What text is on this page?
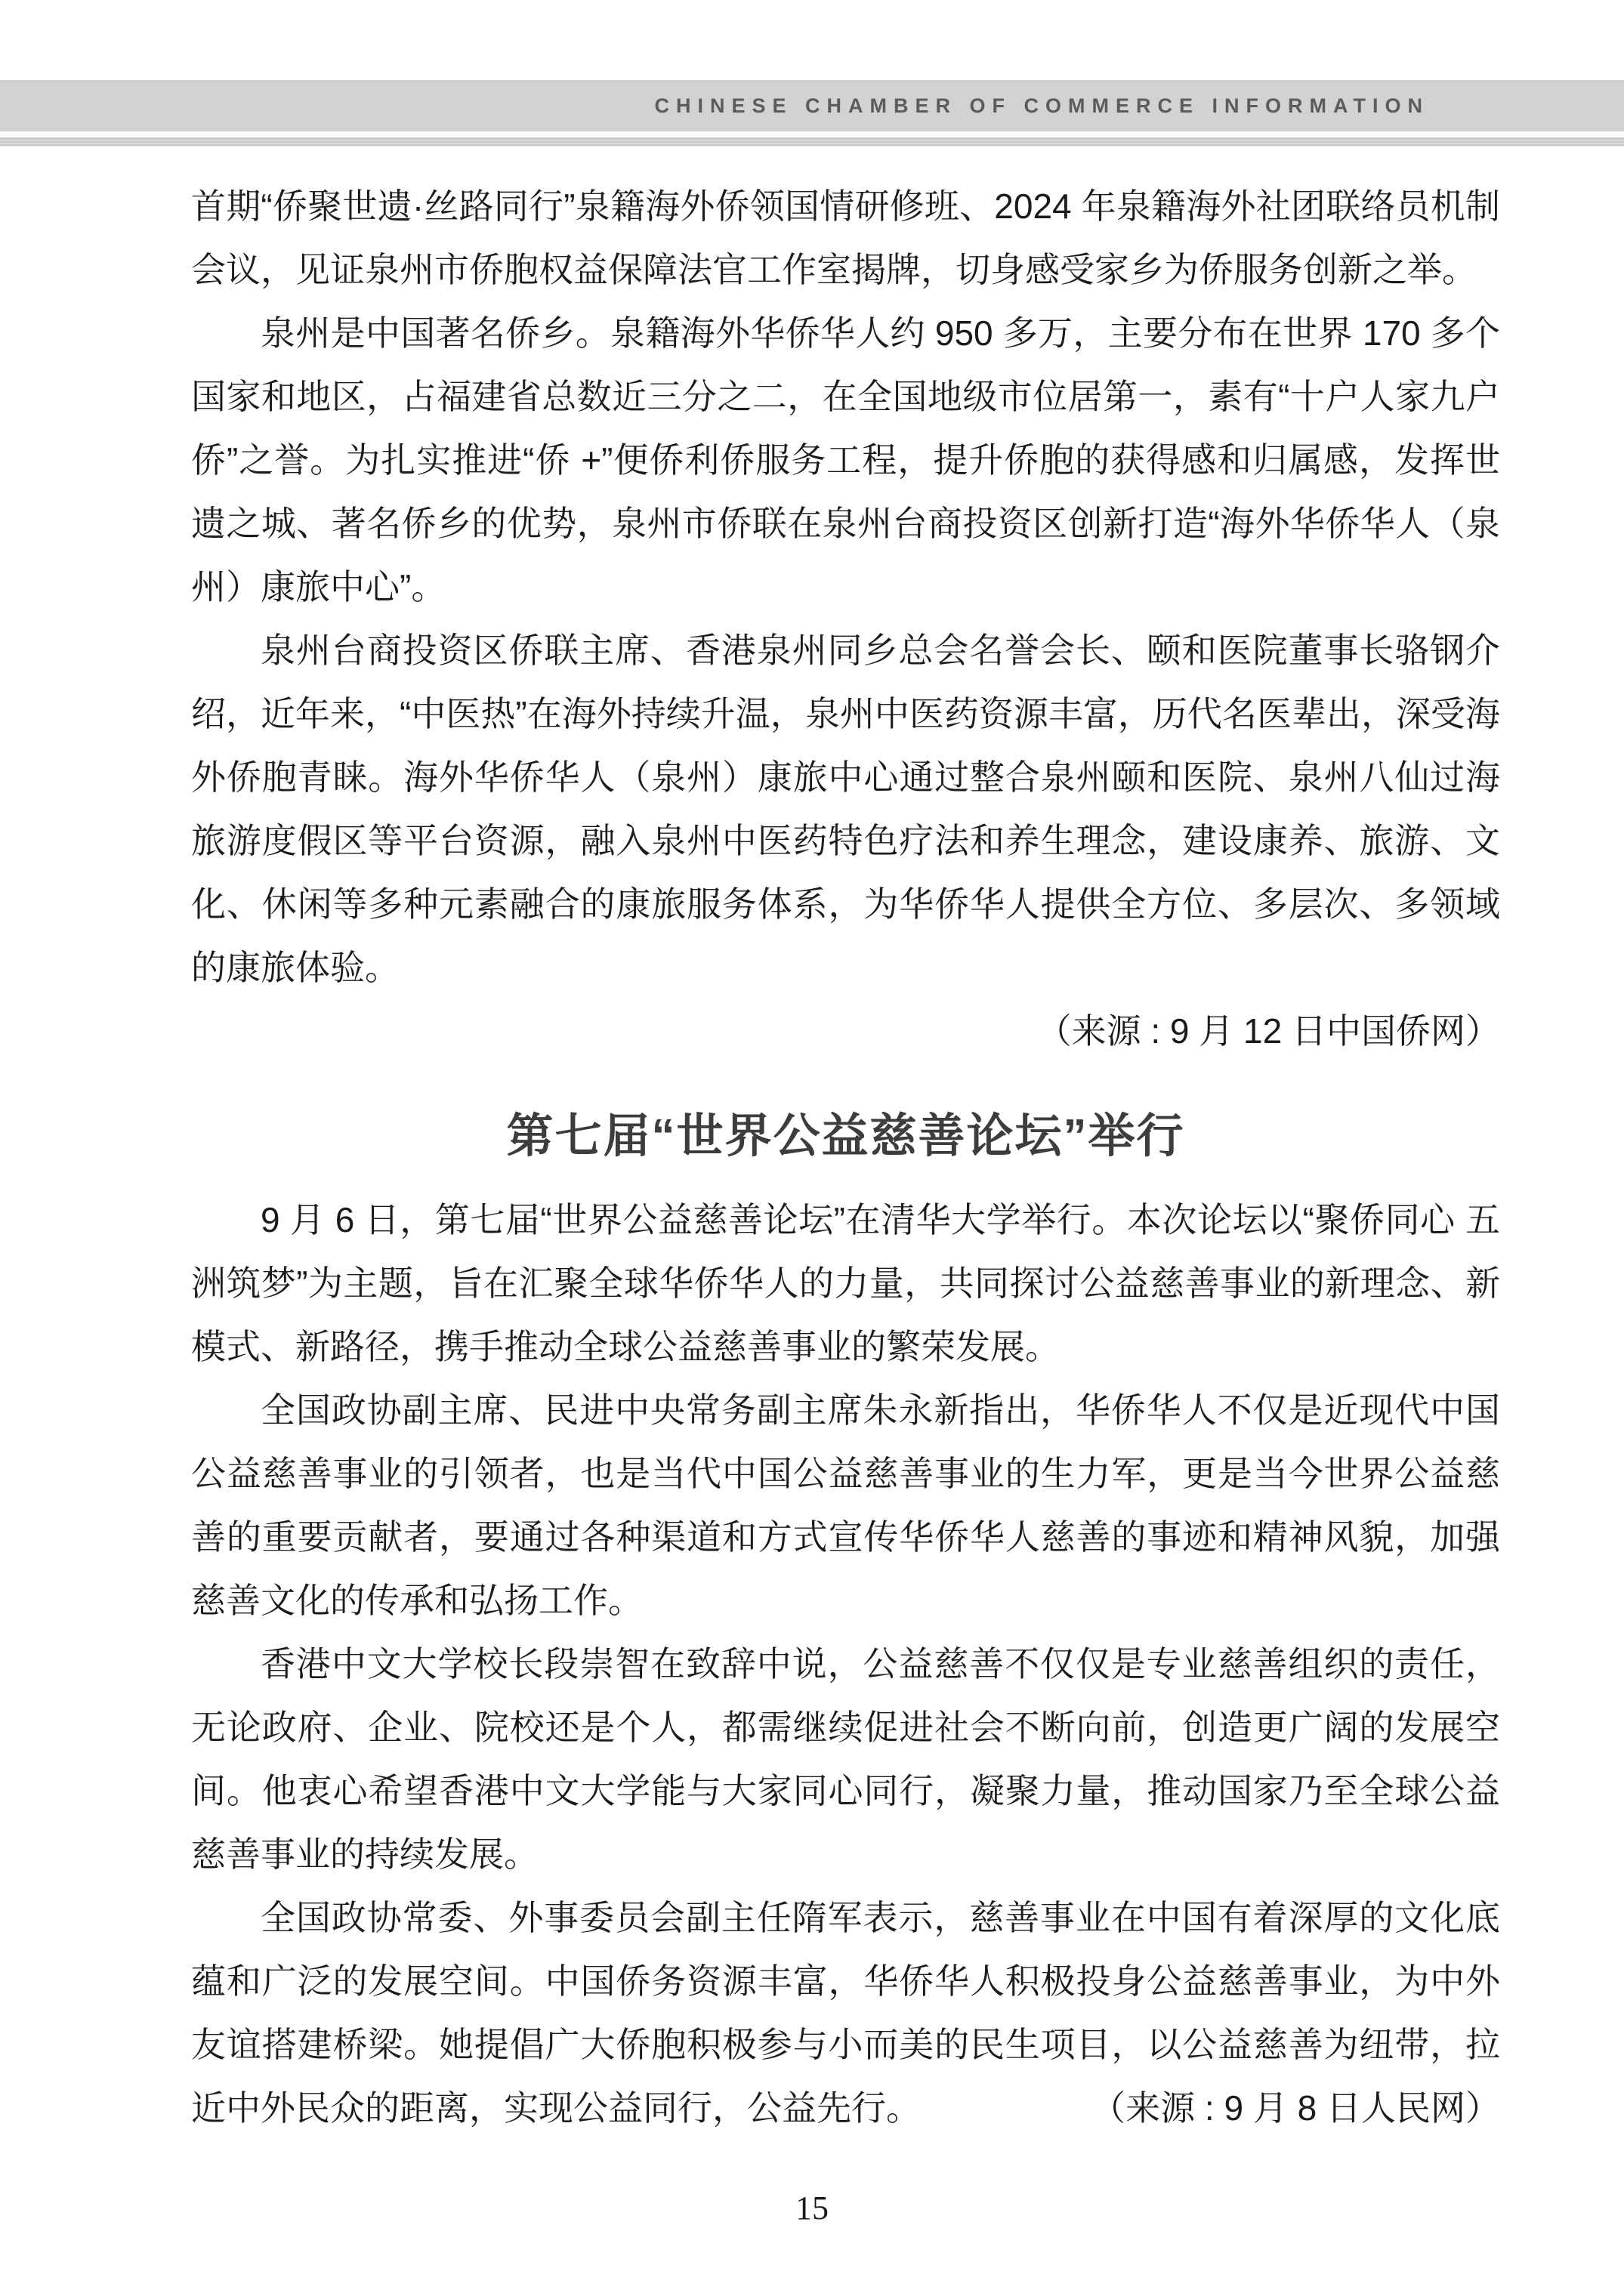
CHINESE CHAMBER OF COMMERCE INFORMATION

首期“侨聚世遗·丝路同行”泉籍海外侨领国情研修班、2024 年泉籍海外社团联络员机制会议，见证泉州市侨胞权益保障法官工作室揭牌，切身感受家乡为侨服务创新之举。

泉州是中国著名侨乡。泉籍海外华侨华人约 950 多万，主要分布在世界 170 多个国家和地区，占福建省总数近三分之二，在全国地级市位居第一，素有“十户人家九户侨”之誉。为扎实推进“侨 +”便侨利侨服务工程，提升侨胞的获得感和归属感，发挥世遗之城、著名侨乡的优势，泉州市侨联在泉州台商投资区创新打造“海外华侨华人（泉州）康旅中心”。

泉州台商投资区侨联主席、香港泉州同乡总会名誉会长、颐和医院董事长骆钢介绍，近年来，“中医热”在海外持续升温，泉州中医药资源丰富，历代名医辈出，深受海外侨胞青睐。海外华侨华人（泉州）康旅中心通过整合泉州颐和医院、泉州八仙过海旅游度假区等平台资源，融入泉州中医药特色疗法和养生理念，建设康养、旅游、文化、休闲等多种元素融合的康旅服务体系，为华侨华人提供全方位、多层次、多领域的康旅体验。

（来源 : 9 月 12 日中国侨网）

第七届“世界公益慈善论坛”举行

9 月 6 日，第七届“世界公益慈善论坛”在清华大学举行。本次论坛以“聚侨同心 五洲筑梦”为主题，旨在汇聚全球华侨华人的力量，共同探讨公益慈善事业的新理念、新模式、新路径，携手推动全球公益慈善事业的繁荣发展。

全国政协副主席、民进中央常务副主席朱永新指出，华侨华人不仅是近现代中国公益慈善事业的引领者，也是当代中国公益慈善事业的生力军，更是当今世界公益慈善的重要贡献者，要通过各种渠道和方式宣传华侨华人慈善的事迹和精神风貌，加强慈善文化的传承和弘扬工作。

香港中文大学校长段崇智在致辞中说，公益慈善不仅仅是专业慈善组织的责任，无论政府、企业、院校还是个人，都需继续促进社会不断向前，创造更广阔的发展空间。他衷心希望香港中文大学能与大家同心同行，凝聚力量，推动国家乃至全球公益慈善事业的持续发展。

全国政协常委、外事委员会副主任隋军表示，慈善事业在中国有着深厚的文化底蕴和广泛的发展空间。中国侨务资源丰富，华侨华人积极投身公益慈善事业，为中外友谊搭建桥梁。她提倡广大侨胞积极参与小而美的民生项目，以公益慈善为纽带，拉近中外民众的距离，实现公益同行，公益先行。	（来源 : 9 月 8 日人民网）

15
